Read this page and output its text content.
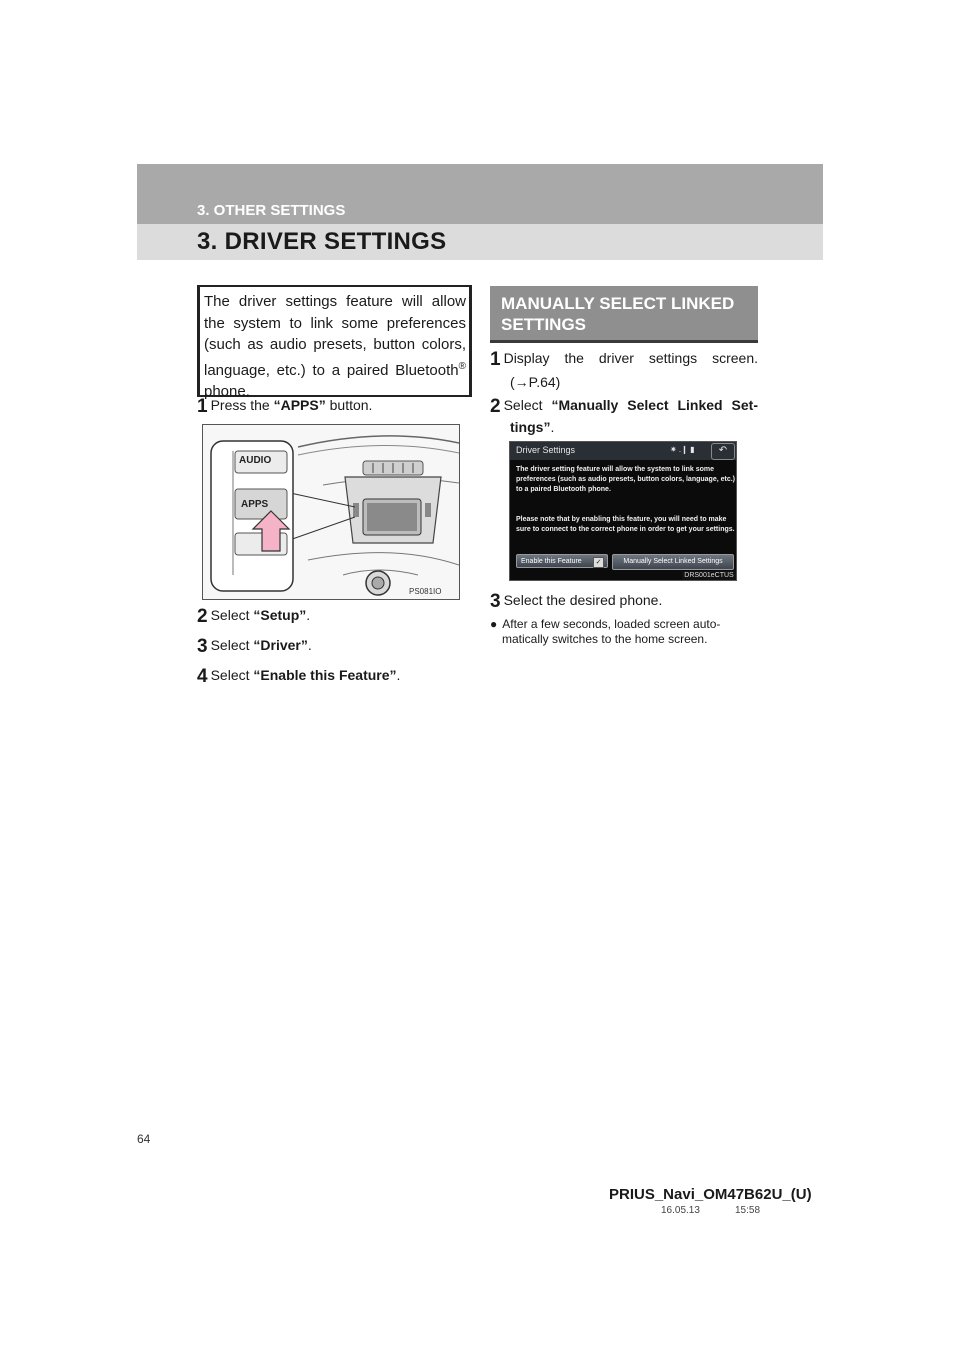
3. OTHER SETTINGS
3. DRIVER SETTINGS

The driver settings feature will allow the system to link some preferences (such as audio presets, button colors, language, etc.) to a paired Bluetooth® phone.

1 Press the “APPS” button.
AUDIO
APPS
PS081IO
2 Select “Setup”.
3 Select “Driver”.
4 Select “Enable this Feature”.
MANUALLY SELECT LINKED SETTINGS
1 Display the driver settings screen.
(→P.64)
2 Select “Manually Select Linked Set-
tings”.
Driver Settings	✷ .❙ ▮	↶
The driver setting feature will allow the system to link some
preferences (such as audio presets, button colors, language, etc.)
to a paired Bluetooth phone.
Please note that by enabling this feature, you will need to make
sure to connect to the correct phone in order to get your settings.
Enable this Feature	✓	Manually Select Linked Settings
DRS001eCTUS
3 Select the desired phone.
● After a few seconds, loaded screen auto-
matically switches to the home screen.
64
PRIUS_Navi_OM47B62U_(U)
16.05.13	15:58
